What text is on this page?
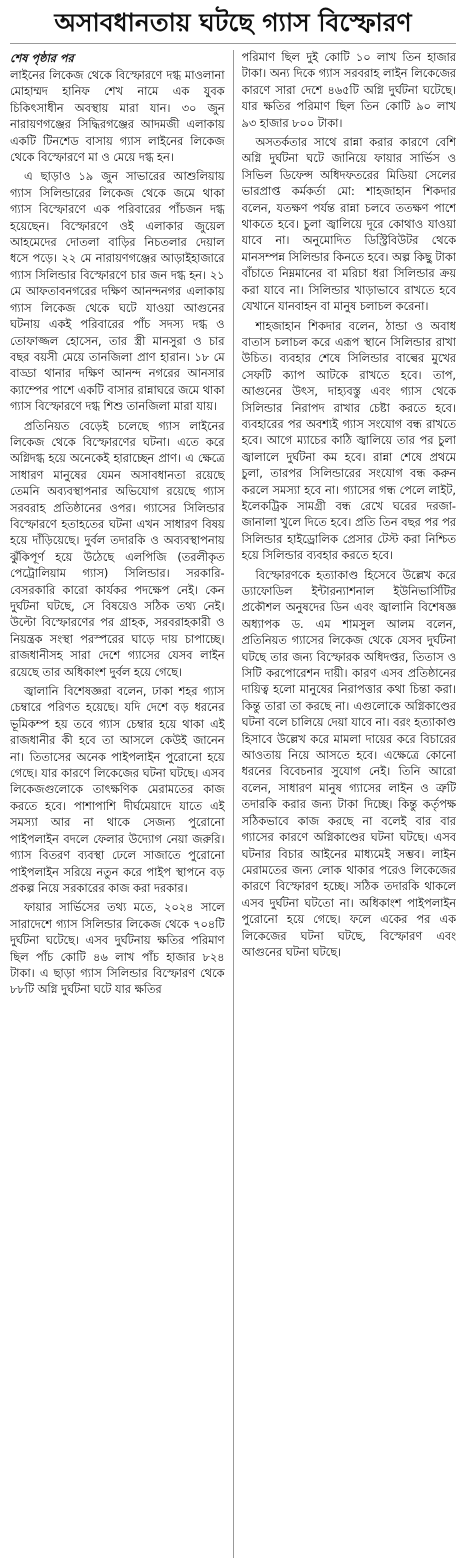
অসাবধানতায় ঘটছে গ্যাস বিস্ফোরণ
শেষ পৃষ্ঠার পর

লাইনের লিকেজ থেকে বিস্ফোরণে দগ্ধ মাওলানা মোহাম্মদ হানিফ শেখ নামে এক যুবক চিকিৎসাধীন অবস্থায় মারা যান। ৩০ জুন নারায়ণগঞ্জের সিদ্ধিরগঞ্জের আদমজী এলাকায় একটি টিনশেড বাসায় গ্যাস লাইনের লিকেজ থেকে বিস্ফোরণে মা ও মেয়ে দগ্ধ হন।

এ ছাড়াও ১৯ জুন সাভারের আশুলিয়ায় গ্যাস সিলিন্ডারের লিকেজ থেকে জমে থাকা গ্যাস বিস্ফোরণে এক পরিবারের পাঁচজন দগ্ধ হয়েছেন। বিস্ফোরণে ওই এলাকার জুয়েল আহমেদের দোতলা বাড়ির নিচতলার দেয়াল ধসে পড়ে। ২২ মে নারায়ণগঞ্জের আড়াইহাজারে গ্যাস সিলিন্ডার বিস্ফোরণে চার জন দগ্ধ হন। ২১ মে আফতাবনগরের দক্ষিণ আনন্দনগর এলাকায় গ্যাস লিকেজ থেকে ঘটে যাওয়া আগুনের ঘটনায় একই পরিবারের পাঁচ সদস্য দগ্ধ ও তোফাজ্জল হোসেন, তার স্ত্রী মানসুরা ও চার বছর বয়সী মেয়ে তানজিলা প্রাণ হারান। ১৮ মে বাড্ডা থানার দক্ষিণ আনন্দ নগরের আনসার ক্যাম্পের পাশে একটি বাসার রান্নাঘরে জমে থাকা গ্যাস বিস্ফোরণে দগ্ধ শিশু তানজিলা মারা যায়।

প্রতিনিয়ত বেড়েই চলেছে গ্যাস লাইনের লিকেজ থেকে বিস্ফোরণের ঘটনা। এতে করে অগ্নিদগ্ধ হয়ে অনেকেই হারাচ্ছেন প্রাণ। এ ক্ষেত্রে সাধারণ মানুষের যেমন অসাবধানতা রয়েছে তেমনি অব্যবস্থাপনার অভিযোগ রয়েছে গ্যাস সরবরাহ প্রতিষ্ঠানের ওপর। গ্যাসের সিলিন্ডার বিস্ফোরণে হতাহতের ঘটনা এখন সাধারণ বিষয় হয়ে দাঁড়িয়েছে। দুর্বল তদারকি ও অব্যবস্থাপনায় ঝুঁকিপূর্ণ হয়ে উঠেছে এলপিজি (তরলীকৃত পেট্রোলিয়াম গ্যাস) সিলিন্ডার। সরকারি-বেসরকারি কারো কার্যকর পদক্ষেপ নেই। কেন দুর্ঘটনা ঘটছে, সে বিষয়েও সঠিক তথ্য নেই। উল্টো বিস্ফোরণের পর গ্রাহক, সরবরাহকারী ও নিয়ন্ত্রক সংস্থা পরস্পরের ঘাড়ে দায় চাপাচ্ছে। রাজধানীসহ সারা দেশে গ্যাসের যেসব লাইন রয়েছে তার অধিকাংশ দুর্বল হয়ে গেছে।

জ্বালানি বিশেষজ্ঞরা বলেন, ঢাকা শহর গ্যাস চেম্বারে পরিণত হয়েছে। যদি দেশে বড় ধরনের ভূমিকম্প হয় তবে গ্যাস চেম্বার হয়ে থাকা এই রাজধানীর কী হবে তা আসলে কেউই জানেন না। তিতাসের অনেক পাইপলাইন পুরোনো হয়ে গেছে। যার কারণে লিকেজের ঘটনা ঘটছে। এসব লিকেজগুলোকে তাৎক্ষণিক মেরামতের কাজ করতে হবে। পাশাপাশি দীর্ঘমেয়াদে যাতে এই সমস্যা আর না থাকে সেজন্য পুরোনো পাইপলাইন বদলে ফেলার উদ্যোগ নেয়া জরুরি। গ্যাস বিতরণ ব্যবস্থা ঢেলে সাজাতে পুরোনো পাইপলাইন সরিয়ে নতুন করে পাইপ স্থাপনে বড় প্রকল্প নিয়ে সরকারের কাজ করা দরকার।

ফায়ার সার্ভিসের তথ্য মতে, ২০২৪ সালে সারাদেশে গ্যাস সিলিন্ডার লিকেজ থেকে ৭০৪টি দুর্ঘটনা ঘটেছে। এসব দুর্ঘটনায় ক্ষতির পরিমাণ ছিল পাঁচ কোটি ৪৬ লাখ পাঁচ হাজার ৮২৪ টাকা। এ ছাড়া গ্যাস সিলিন্ডার বিস্ফোরণ থেকে ৮৮টি অগ্নি দুর্ঘটনা ঘটে যার ক্ষতির

পরিমাণ ছিল দুই কোটি ১০ লাখ তিন হাজার টাকা। অন্য দিকে গ্যাস সরবরাহ লাইন লিকেজের কারণে সারা দেশে ৪৬৫টি অগ্নি দুর্ঘটনা ঘটেছে। যার ক্ষতির পরিমাণ ছিল তিন কোটি ৯০ লাখ ৯৩ হাজার ৮০০ টাকা।

অসতর্কতার সাথে রান্না করার কারণে বেশি অগ্নি দুর্ঘটনা ঘটে জানিয়ে ফায়ার সার্ভিস ও সিভিল ডিফেন্স অধিদফতরের মিডিয়া সেলের ভারপ্রাপ্ত কর্মকর্তা মো: শাহজাহান শিকদার বলেন, যতক্ষণ পর্যন্ত রান্না চলবে ততক্ষণ পাশে থাকতে হবে। চুলা জ্বালিয়ে দূরে কোথাও যাওয়া যাবে না। অনুমোদিত ডিস্ট্রিবিউটর থেকে মানসম্পন্ন সিলিন্ডার কিনতে হবে। অল্প কিছু টাকা বাঁচাতে নিম্নমানের বা মরিচা ধরা সিলিন্ডার ক্রয় করা যাবে না। সিলিন্ডার খাড়াভাবে রাখতে হবে যেখানে যানবাহন বা মানুষ চলাচল করেনা।

শাহজাহান শিকদার বলেন, ঠান্ডা ও অবাধ বাতাস চলাচল করে এরূপ স্থানে সিলিন্ডার রাখা উচিত। ব্যবহার শেষে সিলিন্ডার বাল্বের মুখের সেফটি ক্যাপ আটকে রাখতে হবে। তাপ, আগুনের উৎস, দাহ্যবস্তু এবং গ্যাস থেকে সিলিন্ডার নিরাপদ রাখার চেষ্টা করতে হবে। ব্যবহারের পর অবশ্যই গ্যাস সংযোগ বন্ধ রাখতে হবে। আগে ম্যাচের কাঠি জ্বালিয়ে তার পর চুলা জ্বালালে দুর্ঘটনা কম হবে। রান্না শেষে প্রথমে চুলা, তারপর সিলিন্ডারের সংযোগ বন্ধ করুন করলে সমস্যা হবে না। গ্যাসের গন্ধ পেলে লাইট, ইলেকট্রিক সামগ্রী বন্ধ রেখে ঘরের দরজা-জানালা খুলে দিতে হবে। প্রতি তিন বছর পর পর সিলিন্ডার হাইড্রোলিক প্রেসার টেস্ট করা নিশ্চিত হয়ে সিলিন্ডার ব্যবহার করতে হবে।

বিস্ফোরণকে হত্যাকাণ্ড হিসেবে উল্লেখ করে ড্যাফোডিল ইন্টারন্যাশনাল ইউনিভার্সিটির প্রকৌশল অনুষদের ডিন এবং জ্বালানি বিশেষজ্ঞ অধ্যাপক ড. এম শামসুল আলম বলেন, প্রতিনিয়ত গ্যাসের লিকেজ থেকে যেসব দুর্ঘটনা ঘটছে তার জন্য বিস্ফোরক অধিদপ্তর, তিতাস ও সিটি করপোরেশন দায়ী। কারণ এসব প্রতিষ্ঠানের দায়িত্ব হলো মানুষের নিরাপত্তার কথা চিন্তা করা। কিন্তু তারা তা করছে না। এগুলোকে অগ্নিকাণ্ডের ঘটনা বলে চালিয়ে দেয়া যাবে না। বরং হত্যাকাণ্ড হিসাবে উল্লেখ করে মামলা দায়ের করে বিচারের আওতায় নিয়ে আসতে হবে। এক্ষেত্রে কোনো ধরনের বিবেচনার সুযোগ নেই। তিনি আরো বলেন, সাধারণ মানুষ গ্যাসের লাইন ও ত্রুটি তদারকি করার জন্য টাকা দিচ্ছে। কিন্তু কর্তৃপক্ষ সঠিকভাবে কাজ করছে না বলেই বার বার গ্যাসের কারণে অগ্নিকাণ্ডের ঘটনা ঘটছে। এসব ঘটনার বিচার আইনের মাধ্যমেই সম্ভব। লাইন মেরামতের জন্য লোক থাকার পরেও লিকেজের কারণে বিস্ফোরণ হচ্ছে। সঠিক তদারকি থাকলে এসব দুর্ঘটনা ঘটতো না। অধিকাংশ পাইপলাইন পুরোনো হয়ে গেছে। ফলে একের পর এক লিকেজের ঘটনা ঘটছে, বিস্ফোরণ এবং আগুনের ঘটনা ঘটছে।
